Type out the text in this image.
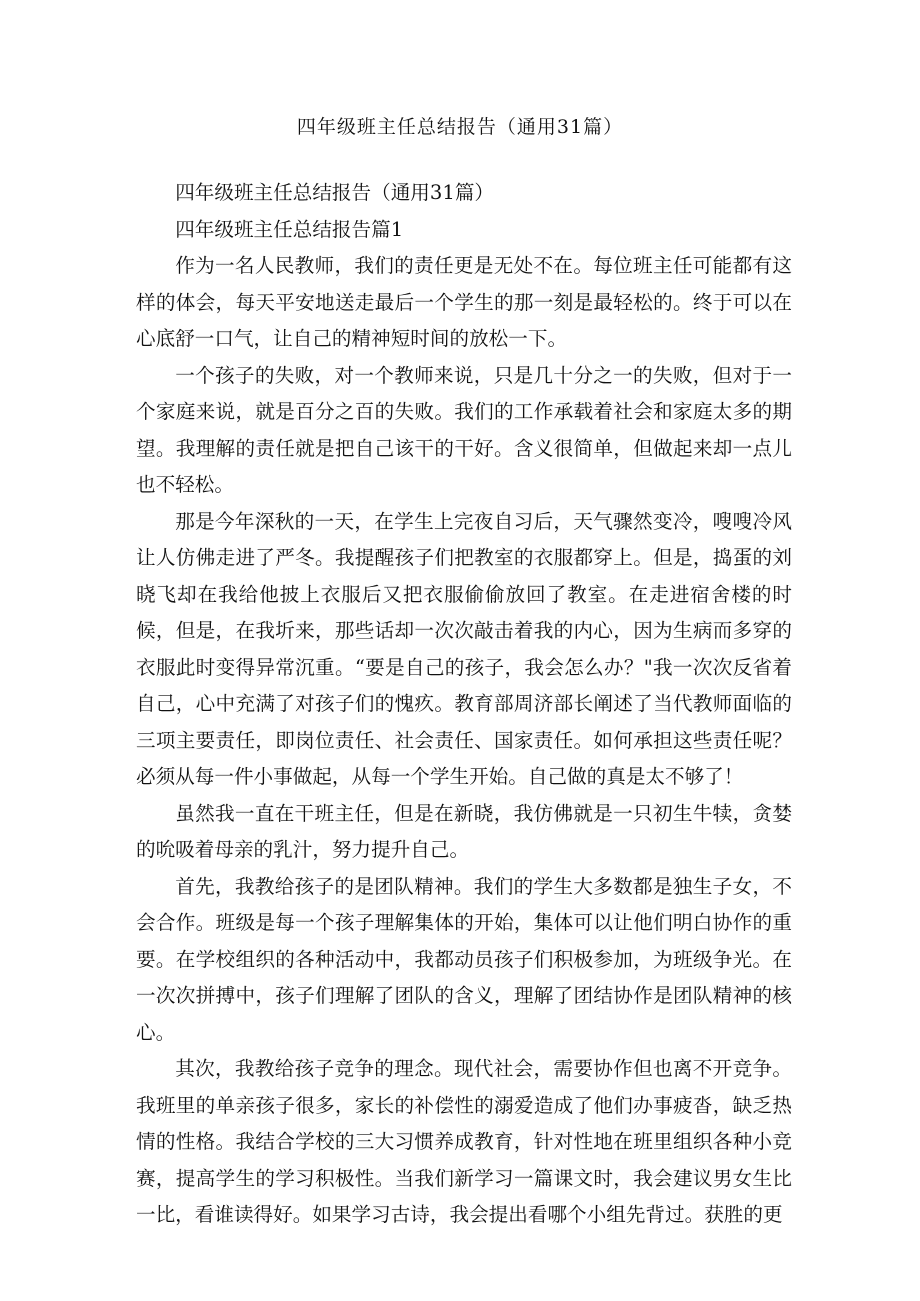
四年级班主任总结报告（通用31篇）

四年级班主任总结报告（通用31篇）

四年级班主任总结报告篇1

作为一名人民教师，我们的责任更是无处不在。每位班主任可能都有这样的体会，每天平安地送走最后一个学生的那一刻是最轻松的。终于可以在心底舒一口气，让自己的精神短时间的放松一下。

一个孩子的失败，对一个教师来说，只是几十分之一的失败，但对于一个家庭来说，就是百分之百的失败。我们的工作承载着社会和家庭太多的期望。我理解的责任就是把自己该干的干好。含义很简单，但做起来却一点儿也不轻松。

那是今年深秋的一天，在学生上完夜自习后，天气骤然变冷，嗖嗖冷风让人仿佛走进了严冬。我提醒孩子们把教室的衣服都穿上。但是，捣蛋的刘晓飞却在我给他披上衣服后又把衣服偷偷放回了教室。在走进宿舍楼的时候，但是，在我圻来，那些话却一次次敲击着我的内心，因为生病而多穿的衣服此时变得异常沉重。“要是自己的孩子，我会怎么办？"我一次次反省着自己，心中充满了对孩子们的愧疚。教育部周济部长阐述了当代教师面临的三项主要责任，即岗位责任、社会责任、国家责任。如何承担这些责任呢？必须从每一件小事做起，从每一个学生开始。自己做的真是太不够了！

虽然我一直在干班主任，但是在新晓，我仿佛就是一只初生牛犊，贪婪的吮吸着母亲的乳汁，努力提升自己。

首先，我教给孩子的是团队精神。我们的学生大多数都是独生子女，不会合作。班级是每一个孩子理解集体的开始，集体可以让他们明白协作的重要。在学校组织的各种活动中，我都动员孩子们积极参加，为班级争光。在一次次拼搏中，孩子们理解了团队的含义，理解了团结协作是团队精神的核心。

其次，我教给孩子竞争的理念。现代社会，需要协作但也离不开竞争。我班里的单亲孩子很多，家长的补偿性的溺爱造成了他们办事疲沓，缺乏热情的性格。我结合学校的三大习惯养成教育，针对性地在班里组织各种小竞赛，提高学生的学习积极性。当我们新学习一篇课文时，我会建议男女生比一比，看谁读得好。如果学习古诗，我会提出看哪个小组先背过。获胜的更
